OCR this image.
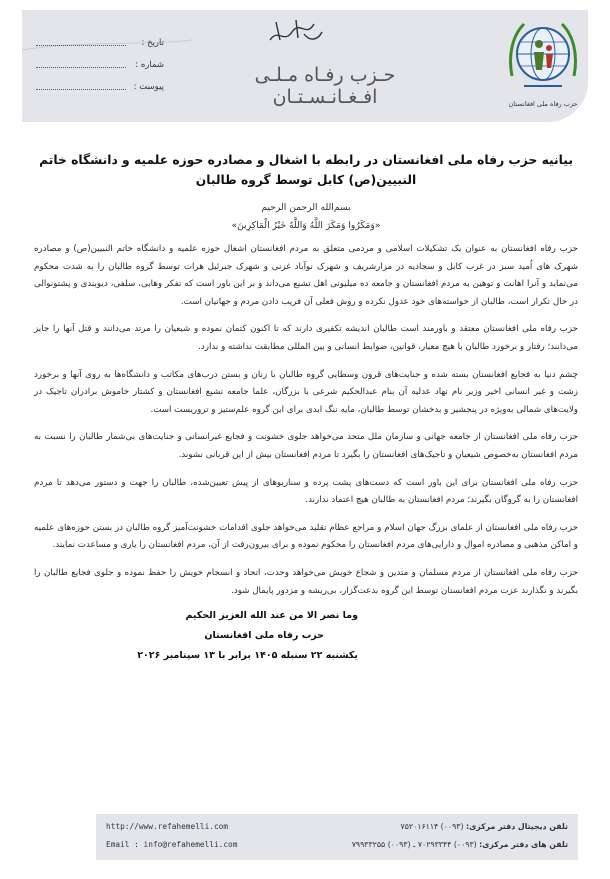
تاریخ :
شماره :
پیوست :
حـزب رفـاه مـلـی افـغـانـسـتـان	حزب رفاه ملی افغانستان
بیانیه حزب رفاه ملی افغانستان در رابطه با اشغال و مصادره حوزه علمیه و دانشگاه خاتم النبیین(ص) کابل توسط گروه طالبان
بسم‌الله الرحمن الرحیم
«وَمَكَرُوا وَمَكَرَ اللَّهُ وَاللَّهُ خَيْرُ الْمَاكِرِينَ»

حزب رفاه افغانستان به عنوان یک تشکیلات اسلامی و مردمی متعلق به مردم افغانستان اشغال حوزه علمیه و دانشگاه خاتم النبیین(ص) و مصادره شهرک های اُمید سبز در غرب کابل و سجادیه در مزارشریف و شهرک نوآباد غزنی و شهرک جبرئیل هرات توسط گروه طالبان را به شدت محکوم می‌نماید و آنرا اهانت و توهین به مردم افغانستان و جامعه ده میلیونی اهل تشیع می‌داند و بر این باور است که تفکر وهابی، سلفی، دیوبندی و پشتونوالی در حال تکرار است، طالبان از خواسته‌های خود عدول نکرده و روش فعلی آن فریب دادن مردم و جهانیان است.

حزب رفاه ملی افغانستان معتقد و باورمند است طالبان اندیشه تکفیری دارند که تا اکنون کتمان نموده و شیعیان را مرتد می‌دانند و قتل آنها را جایز می‌دانند؛ رفتار و برخورد طالبان با هیچ معیار، قوانین، ضوابط انسانی و بین المللی مطابقت نداشته و ندارد.

چشم دنیا به فجایع افغانستان بسته شده و جنایت‌های قرون وسطایی گروه طالبان با زنان و بستن درب‌های مکاتب و دانشگاه‌ها به روی آنها و برخورد زشت و غیر انسانی اخیر وزیر نام نهاد عدلیه آن بنام عبدالحکیم شرعی با بزرگان، علما جامعه تشیع افغانستان و کشتار خاموش برادران تاجیک در ولایت‌های شمالی به‌ویژه در پنجشیر و بدخشان توسط طالبان، مایه ننگ ابدی برای این گروه علم‌ستیز و تروریست است.

حزب رفاه ملی افغانستان از جامعه جهانی و سازمان ملل متحد می‌خواهد جلوی خشونت و فجایع غیرانسانی و جنایت‌های بی‌شمار طالبان را نسبت به مردم افغانستان به‌خصوص شیعیان و تاجیک‌های افغانستان را بگیرد تا مردم افغانستان بیش از این قربانی نشوند.

حزب رفاه ملی افغانستان برای این باور است که دست‌های پشت پرده و سناریوهای از پیش تعیین‌شده، طالبان را جهت و دستور می‌دهد تا مردم افغانستان را به گروگان بگیرند؛ مردم افغانستان به طالبان هیچ اعتماد ندارند.

حزب رفاه ملی افغانستان از علمای بزرگ جهان اسلام و مراجع عظام تقلید می‌خواهد جلوی اقدامات خشونت‌آمیز گروه طالبان در بستن حوزه‌های علمیه و اماکن مذهبی و مصادره اموال و دارایی‌های مردم افغانستان را محکوم نموده و برای بیرون‌رفت از آن، مردم افغانستان را یاری و مساعدت نمایند.

حزب رفاه ملی افغانستان از مردم مسلمان و متدین و شجاع خویش می‌خواهد وحدت، اتحاد و انسجام خویش را حفظ نموده و جلوی فجایع طالبان را بگیرند و نگذارند عزت مردم افغانستان توسط این گروه بدعت‌گزار، بی‌ریشه و مزدور پایمال شود.

وما نصر الا من عند الله العزیز الحکیم
حزب رفاه ملی افغانستان
یکشنبه ۲۲ سنبله ۱۴۰۵ برابر با ۱۳ سپتامبر ۲۰۲۶
http://www.refahemelli.com
Email : info@refahemelli.com
تلفن دیجیتال دفتر مرکزی: (۰۰۹۳) ۷۵۲۰۱۶۱۱۴
تلفن های دفتر مرکزی: (۰۰۹۳) ۷۰۲۹۳۳۴۴ ـ (۰۰۹۳) ۷۹۹۳۳۲۵۵
